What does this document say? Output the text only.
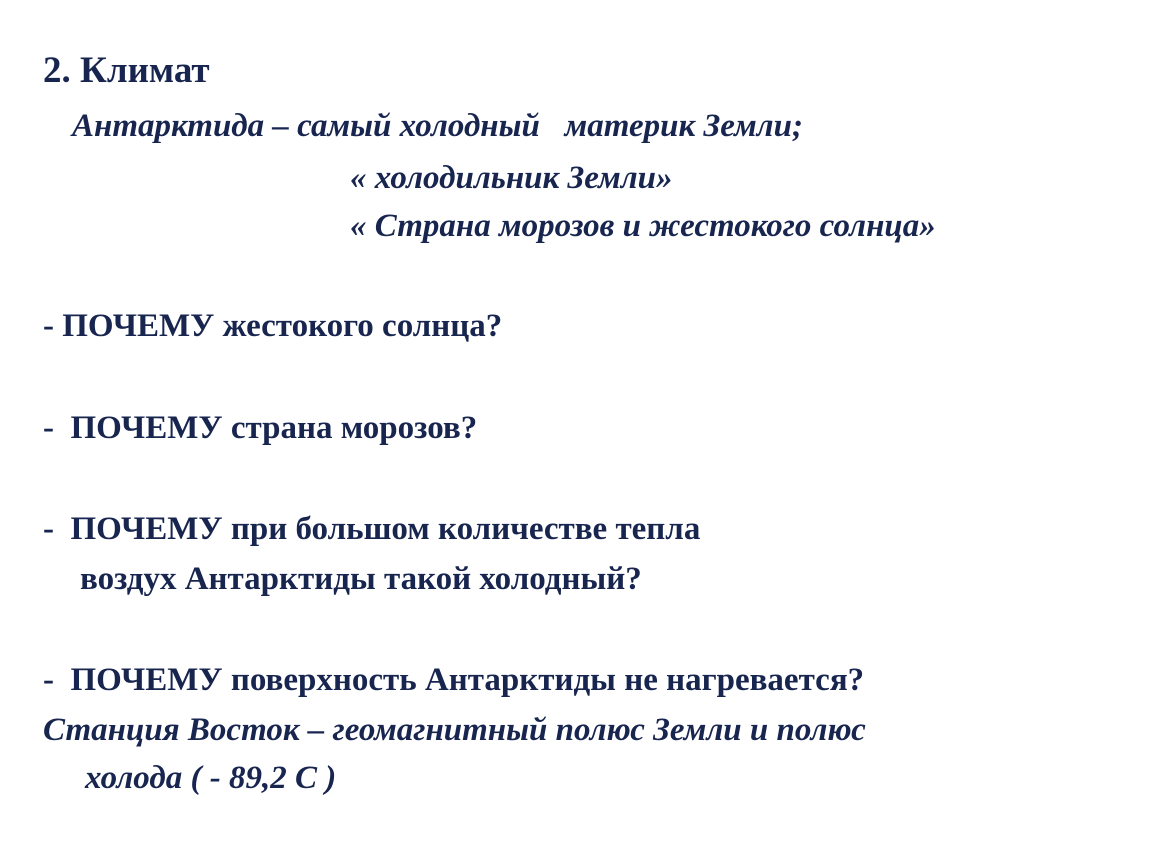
2. Климат
Антарктида – самый холодный   материк Земли;
« холодильник Земли»
« Страна морозов и жестокого солнца»
- ПОЧЕМУ жестокого солнца?
-  ПОЧЕМУ страна морозов?
-  ПОЧЕМУ при большом количестве тепла
воздух Антарктиды такой холодный?
-  ПОЧЕМУ поверхность Антарктиды не нагревается?
Станция Восток – геомагнитный полюс Земли и полюс
холода ( - 89,2 С )
